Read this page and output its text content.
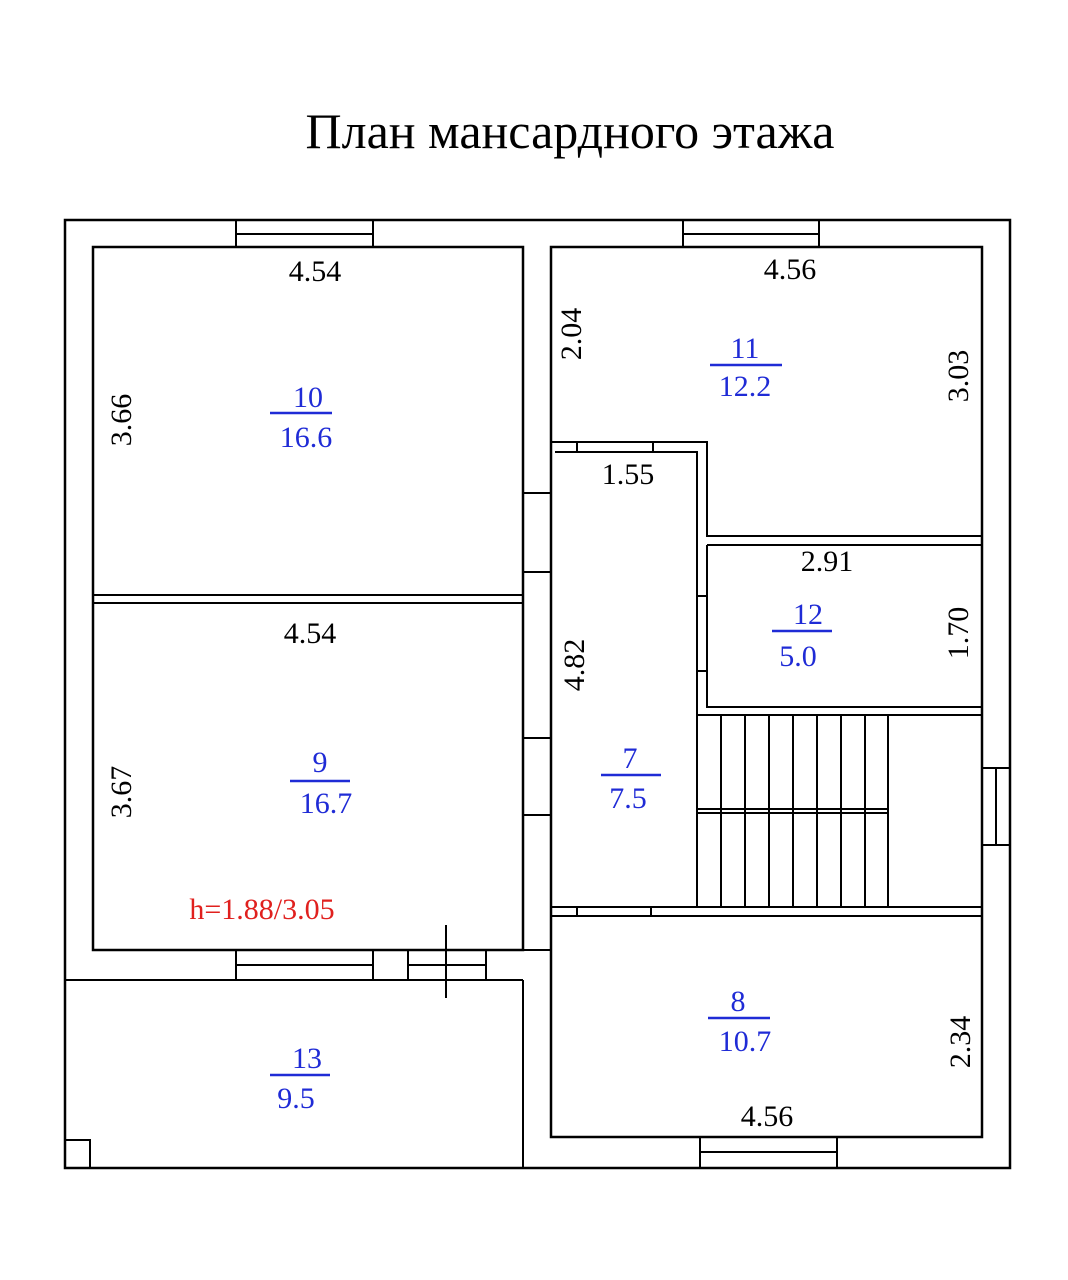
План мансардного этажа
4.54
3.66
4.54
3.67
4.56
2.04
3.03
1.55
4.82
2.91
1.70
4.56
2.34
10
16.6
9
16.7
11
12.2
7
7.5
12
5.0
8
10.7
13
9.5
h=1.88/3.05
